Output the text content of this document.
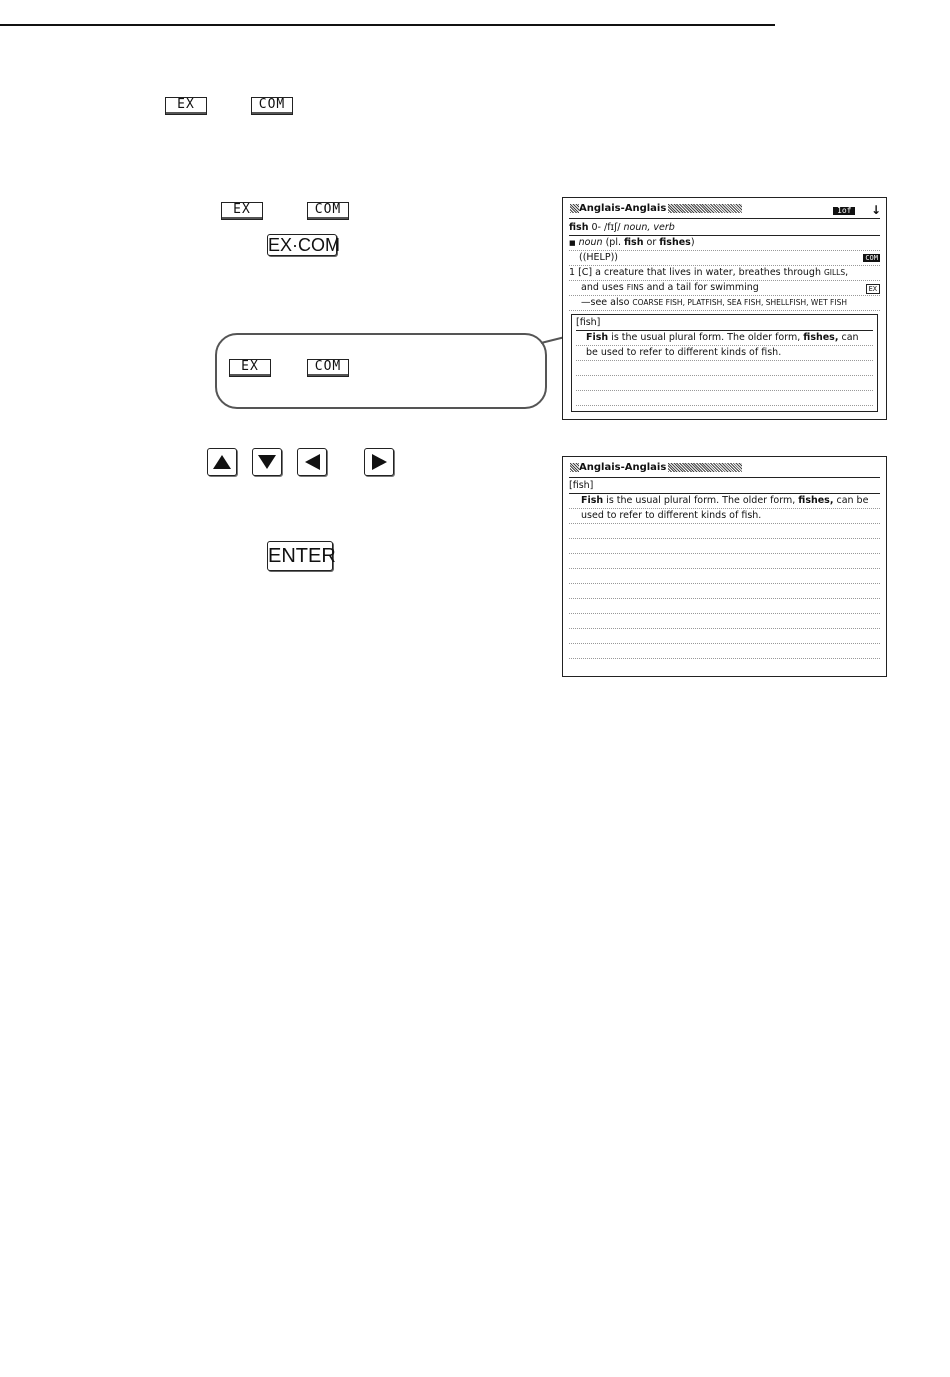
EX	COM
EX	COM
EX·COM
EX	COM
ENTER
Anglais-Anglais	1of	↓
fish 0- /fɪʃ/ noun, verb
■ noun (pl. fish or fishes)
((HELP))	COM
1 [C] a creature that lives in water, breathes through GILLS,
and uses FINS and a tail for swimming	EX
—see also COARSE FISH, PLATFISH, SEA FISH, SHELLFISH, WET FISH
[fish]
Fish is the usual plural form. The older form, fishes, can
be used to refer to different kinds of fish.
Anglais-Anglais
[fish]
Fish is the usual plural form. The older form, fishes, can be
used to refer to different kinds of fish.
